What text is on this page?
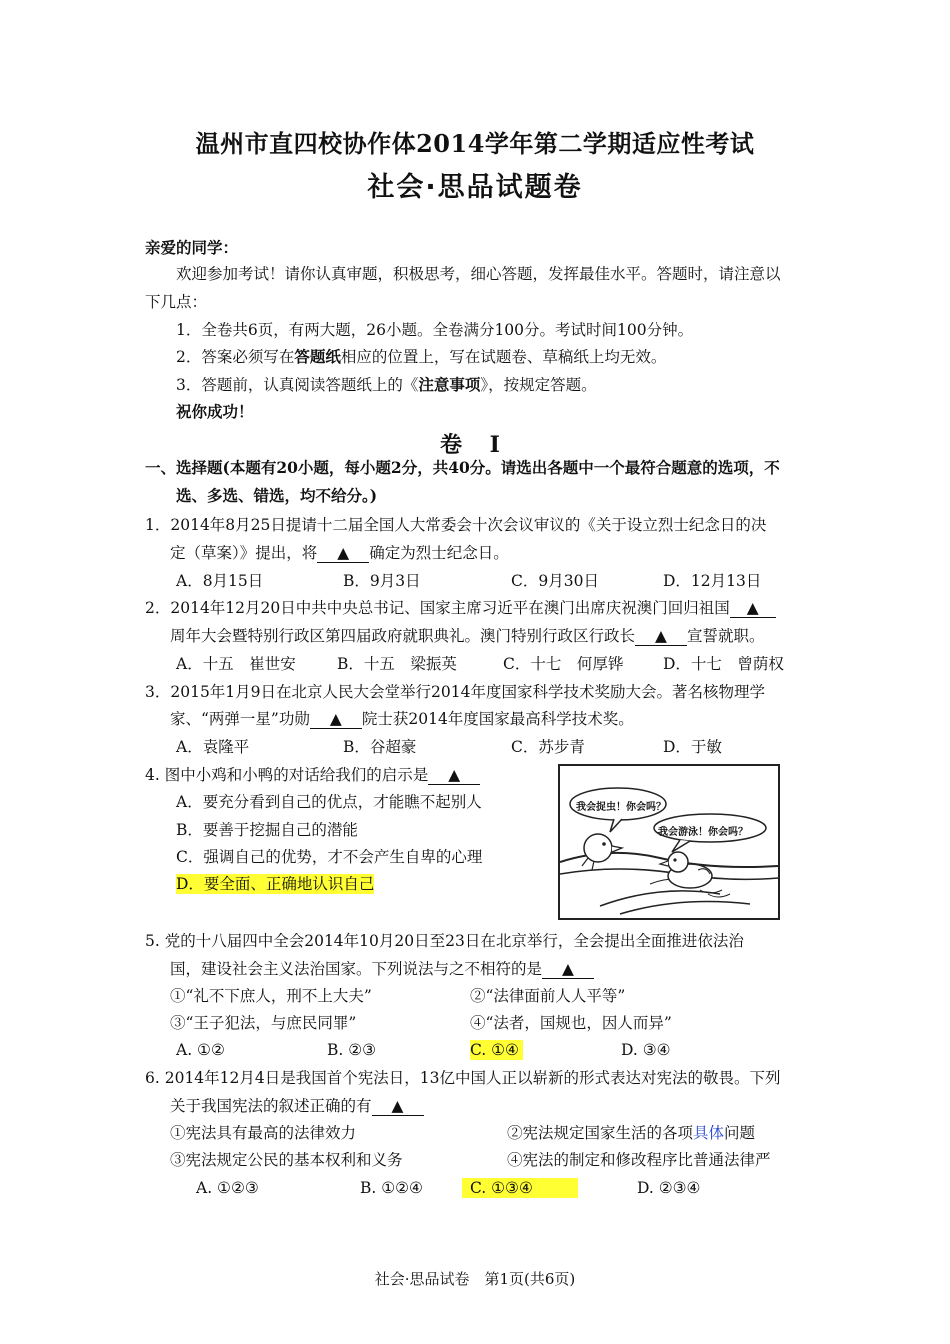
温州市直四校协作体2014学年第二学期适应性考试
社会·思品试题卷
亲爱的同学：
欢迎参加考试！请你认真审题，积极思考，细心答题，发挥最佳水平。答题时，请注意以
下几点：
1．全卷共6页，有两大题，26小题。全卷满分100分。考试时间100分钟。
2．答案必须写在答题纸相应的位置上，写在试题卷、草稿纸上均无效。
3．答题前，认真阅读答题纸上的《注意事项》，按规定答题。
祝你成功！
卷 Ⅰ
一、选择题(本题有20小题，每小题2分，共40分。请选出各题中一个最符合题意的选项，不
选、多选、错选，均不给分。)
1．2014年8月25日提请十二届全国人大常委会十次会议审议的《关于设立烈士纪念日的决
定（草案）》提出，将 ▲ 确定为烈士纪念日。
A．8月15日	B．9月3日	C．9月30日	D．12月13日
2．2014年12月20日中共中央总书记、国家主席习近平在澳门出席庆祝澳门回归祖国 ▲
周年大会暨特别行政区第四届政府就职典礼。澳门特别行政区行政长 ▲ 宣誓就职。
A．十五　崔世安	B．十五　梁振英	C．十七　何厚铧	D．十七　曾荫权
3．2015年1月9日在北京人民大会堂举行2014年度国家科学技术奖励大会。著名核物理学
家、“两弹一星”功勋 ▲ 院士获2014年度国家最高科学技术奖。
A．袁隆平	B．谷超豪	C．苏步青	D．于敏
4. 图中小鸡和小鸭的对话给我们的启示是 ▲
A．要充分看到自己的优点，才能瞧不起别人
B．要善于挖掘自己的潜能
C．强调自己的优势，才不会产生自卑的心理
D．要全面、正确地认识自己
我会捉虫！你会吗？
我会游泳！你会吗？
5. 党的十八届四中全会2014年10月20日至23日在北京举行，全会提出全面推进依法治
国，建设社会主义法治国家。下列说法与之不相符的是 ▲
①“礼不下庶人，刑不上大夫”	②“法律面前人人平等”
③“王子犯法，与庶民同罪”	④“法者，国规也，因人而异”
A. ①②	B. ②③	C. ①④	D. ③④
6. 2014年12月4日是我国首个宪法日，13亿中国人正以崭新的形式表达对宪法的敬畏。下列
关于我国宪法的叙述正确的有 ▲
①宪法具有最高的法律效力	②宪法规定国家生活的各项具体问题
③宪法规定公民的基本权利和义务	④宪法的制定和修改程序比普通法律严
A. ①②③	B. ①②④	C. ①③④	D. ②③④
社会·思品试卷　第1页(共6页)
